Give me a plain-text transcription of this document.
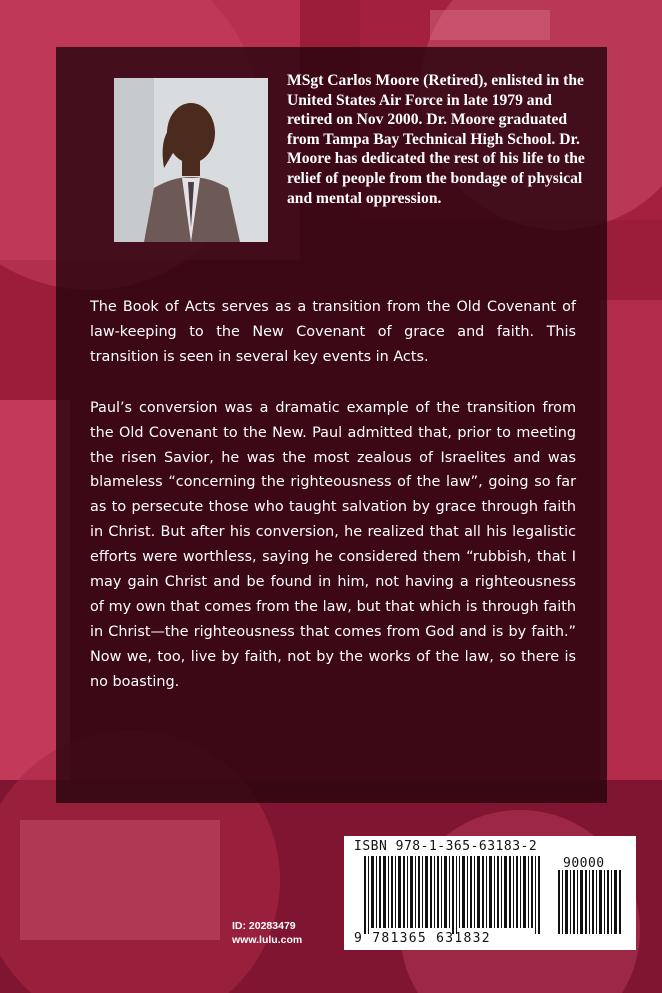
MSgt Carlos Moore (Retired), enlisted in the United States Air Force in late 1979 and retired on Nov 2000. Dr. Moore graduated from Tampa Bay Technical High School. Dr. Moore has dedicated the rest of his life to the relief of people from the bondage of physical and mental oppression.

The Book of Acts serves as a transition from the Old Covenant of law-keeping to the New Covenant of grace and faith. This transition is seen in several key events in Acts.

Paul’s conversion was a dramatic example of the transition from the Old Covenant to the New. Paul admitted that, prior to meeting the risen Savior, he was the most zealous of Israelites and was blameless “concerning the righteousness of the law”, going so far as to persecute those who taught salvation by grace through faith in Christ. But after his conversion, he realized that all his legalistic efforts were worthless, saying he considered them “rubbish, that I may gain Christ and be found in him, not having a righteousness of my own that comes from the law, but that which is through faith in Christ—the righteousness that comes from God and is by faith.” Now we, too, live by faith, not by the works of the law, so there is no boasting.

ID: 20283479
www.lulu.com
ISBN 978-1-365-63183-2
90000
9 781365 631832
